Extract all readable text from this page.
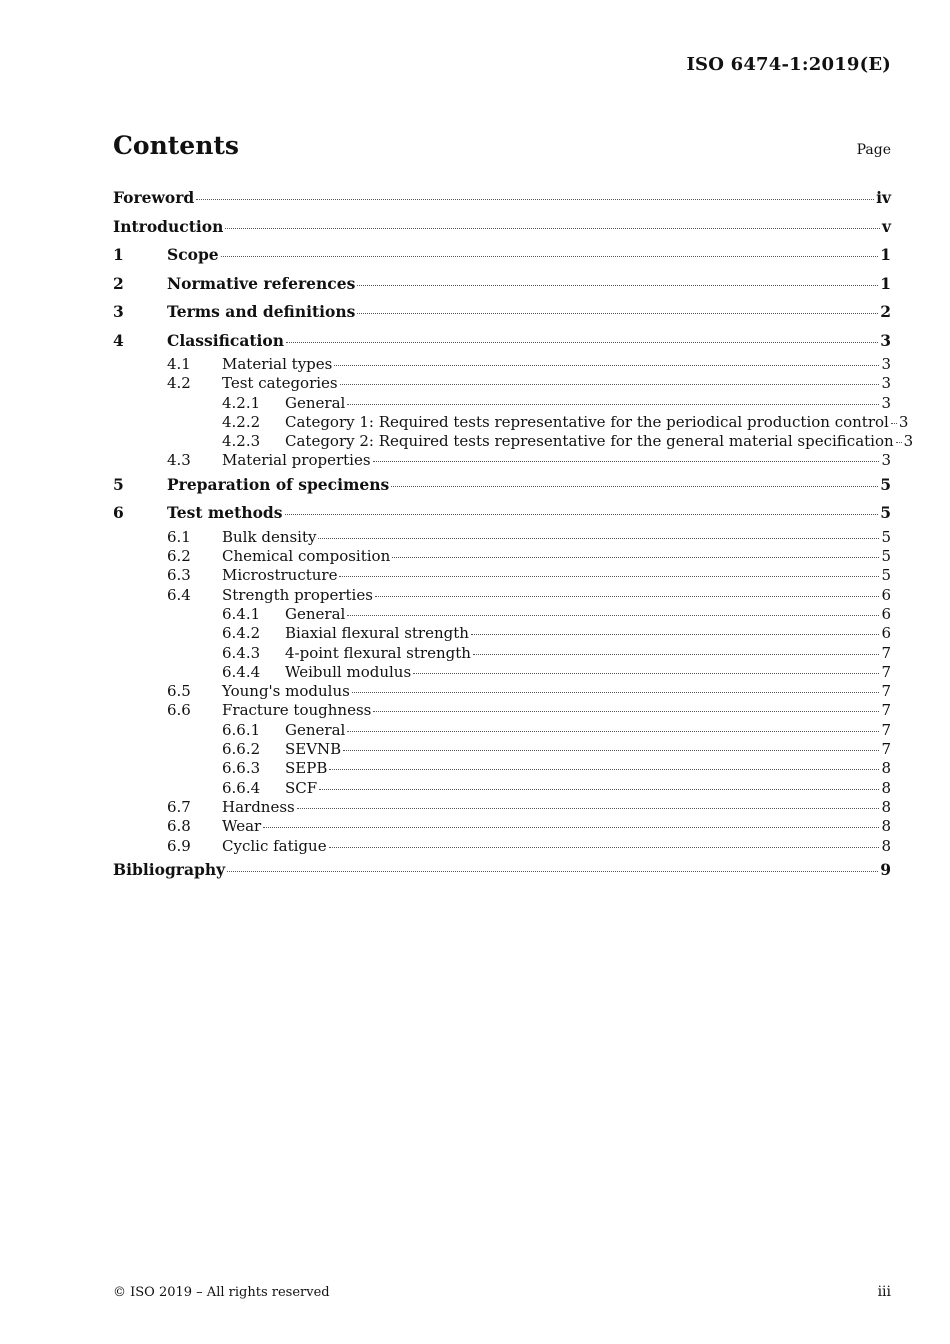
ISO 6474-1:2019(E)
Contents	Page
Foreword	iv
Introduction	v
1	Scope	1
2	Normative references	1
3	Terms and definitions	2
4	Classification	3
4.1	Material types	3
4.2	Test categories	3
4.2.1	General	3
4.2.2	Category 1: Required tests representative for the periodical production control 3
4.2.3	Category 2: Required tests representative for the general material specification 3
4.3	Material properties	3
5	Preparation of specimens	5
6	Test methods	5
6.1	Bulk density	5
6.2	Chemical composition	5
6.3	Microstructure	5
6.4	Strength properties	6
6.4.1	General	6
6.4.2	Biaxial flexural strength	6
6.4.3	4-point flexural strength	7
6.4.4	Weibull modulus	7
6.5	Young's modulus	7
6.6	Fracture toughness	7
6.6.1	General	7
6.6.2	SEVNB	7
6.6.3	SEPB	8
6.6.4	SCF	8
6.7	Hardness	8
6.8	Wear	8
6.9	Cyclic fatigue	8
Bibliography	9
© ISO 2019 – All rights reserved	iii
